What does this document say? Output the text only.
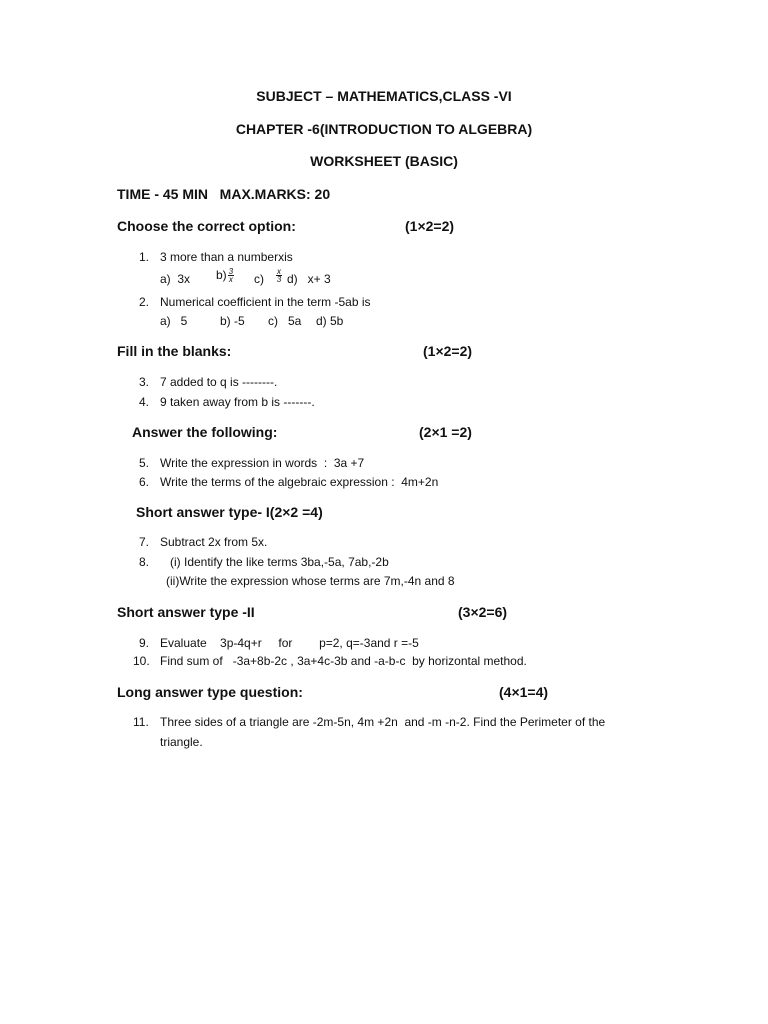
SUBJECT – MATHEMATICS,CLASS -VI
CHAPTER -6(INTRODUCTION TO ALGEBRA)
WORKSHEET (BASIC)
TIME - 45 MIN   MAX.MARKS: 20
Choose the correct option:	(1×2=2)
1. 3 more than a numberxis
a)  3x $b) \frac{3}{x} c) \frac{x}{3} d$)   x+ 3
2. Numerical coefficient in the term -5ab is
a)   5	b) -5 c)   5a d) 5b
Fill in the blanks:	(1×2=2)
3. 7 added to q is --------.
4. 9 taken away from b is -------.
Answer the following:	(2×1 =2)
5. Write the expression in words  :  3a +7
6. Write the terms of the algebraic expression :  4m+2n
Short answer type- I(2×2 =4)
7. Subtract 2x from 5x.
8. (i) Identify the like terms 3ba,-5a, 7ab,-2b
(ii)Write the expression whose terms are 7m,-4n and 8
Short answer type -II	(3×2=6)
9. Evaluate    3p-4q+r     for        p=2, q=-3and r =-5
10. Find sum of   -3a+8b-2c , 3a+4c-3b and -a-b-c  by horizontal method.
Long answer type question:	(4×1=4)
11. Three sides of a triangle are -2m-5n, 4m +2n  and -m -n-2. Find the Perimeter of the
triangle.
